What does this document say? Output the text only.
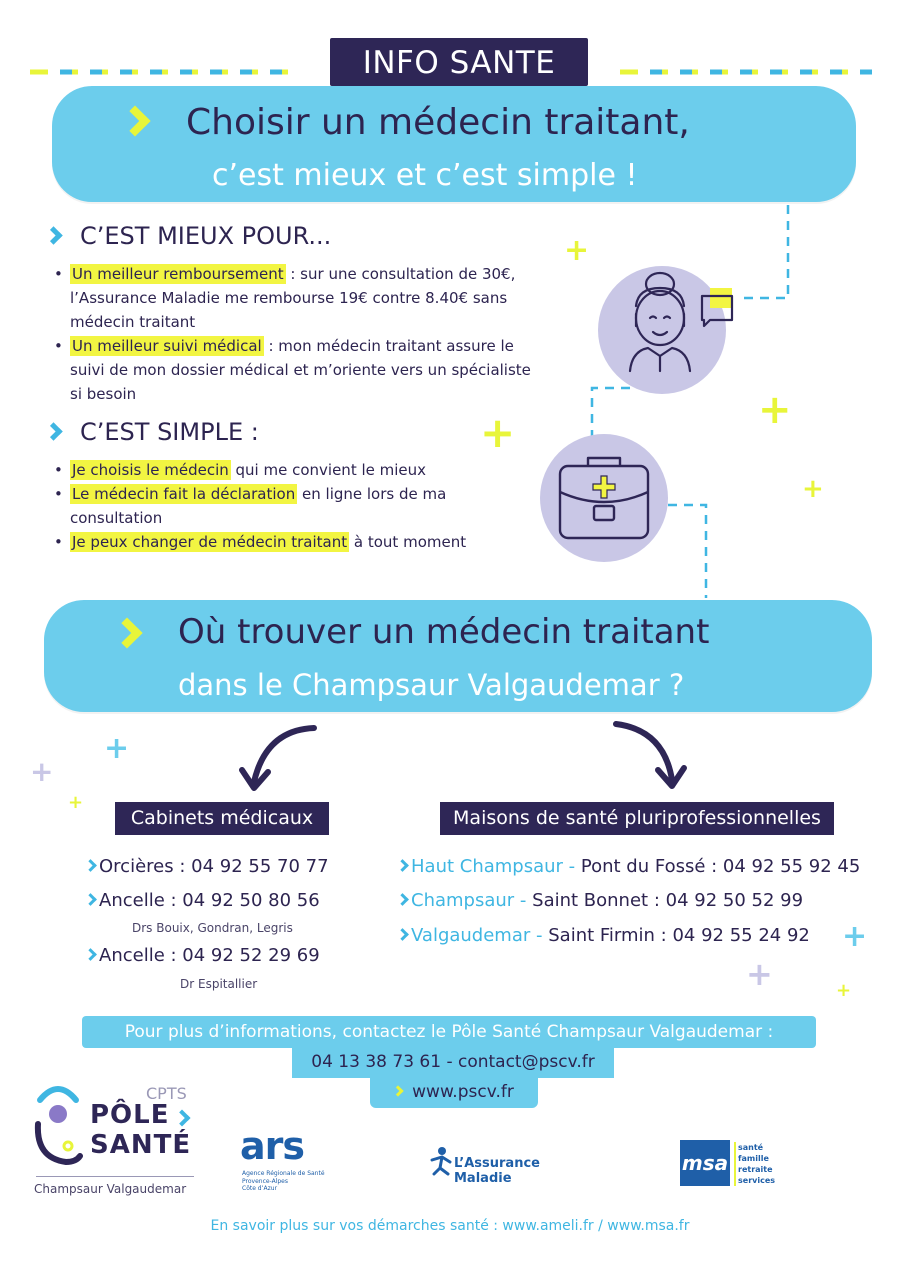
INFO SANTE
Choisir un médecin traitant,
c’est mieux et c’est simple !
C’EST MIEUX POUR...
• Un meilleur remboursement : sur une consultation de 30€,
l’Assurance Maladie me rembourse 19€ contre 8.40€ sans
médecin traitant
• Un meilleur suivi médical : mon médecin traitant assure le
suivi de mon dossier médical et m’oriente vers un spécialiste
si besoin
C’EST SIMPLE :
• Je choisis le médecin qui me convient le mieux
• Le médecin fait la déclaration en ligne lors de ma
consultation
• Je peux changer de médecin traitant à tout moment
+
+
+
+
+
+
+
+
+	+
Où trouver un médecin traitant
dans le Champsaur Valgaudemar ?
Cabinets médicaux
Orcières : 04 92 55 70 77
Ancelle : 04 92 50 80 56
Drs Bouix, Gondran, Legris
Ancelle : 04 92 52 29 69
Dr Espitallier
Maisons de santé pluriprofessionnelles
Haut Champsaur - Pont du Fossé : 04 92 55 92 45
Champsaur - Saint Bonnet : 04 92 50 52 99
Valgaudemar - Saint Firmin : 04 92 55 24 92
Pour plus d’informations, contactez le Pôle Santé Champsaur Valgaudemar :
04 13 38 73 61 - contact@pscv.fr
www.pscv.fr
CPTS
PÔLE
SANTÉ
Champsaur Valgaudemar
ars
Agence Régionale de Santé
Provence-Alpes
Côte d’Azur
L’Assurance
Maladie
msa
santé
famille
retraite
services
En savoir plus sur vos démarches santé : www.ameli.fr / www.msa.fr
